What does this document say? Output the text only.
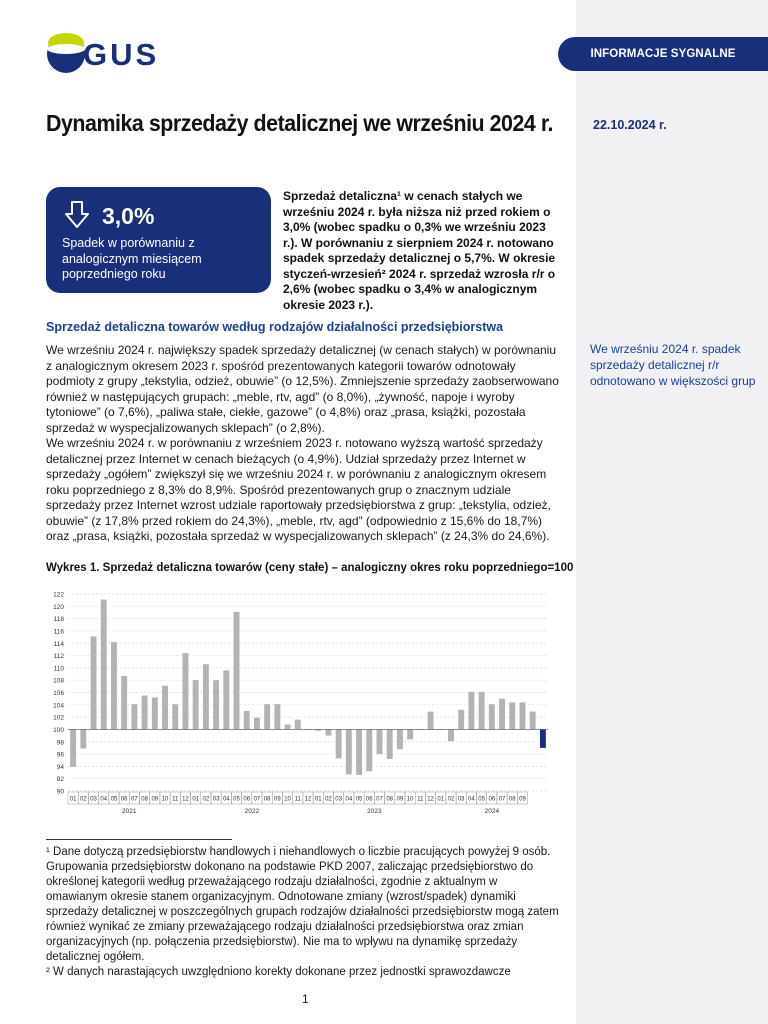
INFORMACJE SYGNALNE
22.10.2024 r.
We wrześniu 2024 r. spadek sprzedaży detalicznej r/r odnotowano w większości grup
GUS
Dynamika sprzedaży detalicznej we wrześniu 2024 r.
3,0%
Spadek w porównaniu z analogicznym miesiącem poprzedniego roku

Sprzedaż detaliczna¹ w cenach stałych we wrześniu 2024 r. była niższa niż przed rokiem o 3,0% (wobec spadku o 0,3% we wrześniu 2023 r.). W porównaniu z sierpniem 2024 r. notowano spadek sprzedaży detalicznej o 5,7%. W okresie styczeń-wrzesień² 2024 r. sprzedaż wzrosła r/r o 2,6% (wobec spadku o 3,4% w analogicznym okresie 2023 r.).

Sprzedaż detaliczna towarów według rodzajów działalności przedsiębiorstwa

We wrześniu 2024 r. największy spadek sprzedaży detalicznej (w cenach stałych) w porównaniu z analogicznym okresem 2023 r. spośród prezentowanych kategorii towarów odnotowały podmioty z grupy „tekstylia, odzież, obuwie” (o 12,5%). Zmniejszenie sprzedaży zaobserwowano również w następujących grupach: „meble, rtv, agd” (o 8,0%), „żywność, napoje i wyroby tytoniowe” (o 7,6%), „paliwa stałe, ciekłe, gazowe” (o 4,8%) oraz „prasa, książki, pozostała sprzedaż w wyspecjalizowanych sklepach” (o 2,8%).

We wrześniu 2024 r. w porównaniu z wrześniem 2023 r. notowano wyższą wartość sprzedaży detalicznej przez Internet w cenach bieżących (o 4,9%). Udział sprzedaży przez Internet w sprzedaży „ogółem” zwiększył się we wrześniu 2024 r. w porównaniu z analogicznym okresem roku poprzedniego z 8,3% do 8,9%. Spośród prezentowanych grup o znacznym udziale sprzedaży przez Internet wzrost udziale raportowały przedsiębiorstwa z grup: „tekstylia, odzież, obuwie” (z 17,8% przed rokiem do 24,3%), „meble, rtv, agd” (odpowiednio z 15,6% do 18,7%) oraz „prasa, książki, pozostała sprzedaż w wyspecjalizowanych sklepach” (z 24,3% do 24,6%).

Wykres 1. Sprzedaż detaliczna towarów (ceny stałe) – analogiczny okres roku poprzedniego=100
90
92
94
96
98
100
102
104
106
108
110
112
114
116
118
120
122
01 02 03 04 05 06 07 08 09 10 11 12 01 02 03 04 05 06 07 08 09 10 11 12 01 02 03 04 05 06 07 08 09 10 11 12 01 02 03 04 05 06 07 08 09
2021	2022	2023	2024

¹ Dane dotyczą przedsiębiorstw handlowych i niehandlowych o liczbie pracujących powyżej 9 osób. Grupowania przedsiębiorstw dokonano na podstawie PKD 2007, zaliczając przedsiębiorstwo do określonej kategorii według przeważającego rodzaju działalności, zgodnie z aktualnym w omawianym okresie stanem organizacyjnym. Odnotowane zmiany (wzrost/spadek) dynamiki sprzedaży detalicznej w poszczególnych grupach rodzajów działalności przedsiębiorstw mogą zatem również wynikać ze zmiany przeważającego rodzaju działalności przedsiębiorstwa oraz zmian organizacyjnych (np. połączenia przedsiębiorstw). Nie ma to wpływu na dynamikę sprzedaży detalicznej ogółem.

² W danych narastających uwzględniono korekty dokonane przez jednostki sprawozdawcze

1
